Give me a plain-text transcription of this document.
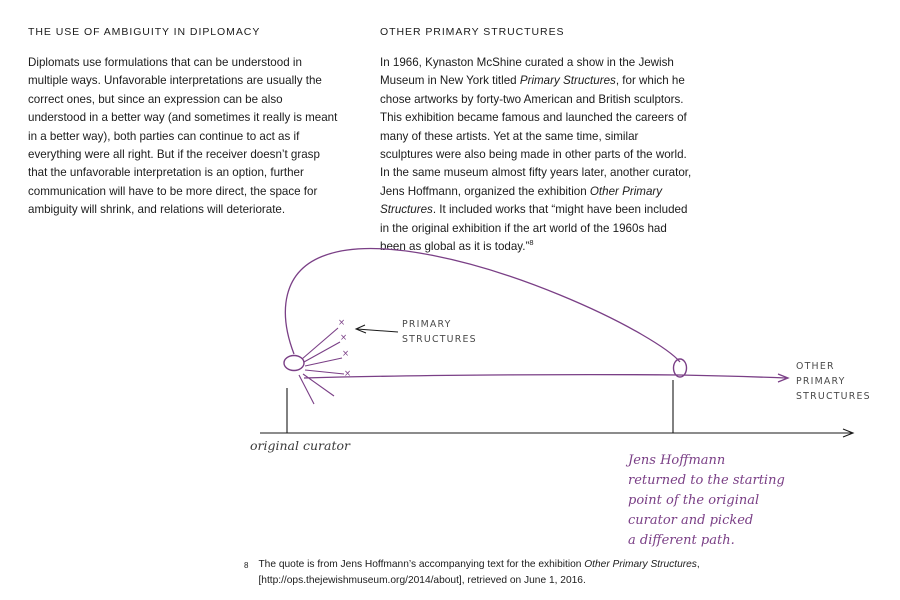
THE USE OF AMBIGUITY IN DIPLOMACY

Diplomats use formulations that can be understood in multiple ways. Unfavorable interpretations are usually the correct ones, but since an expression can be also understood in a better way (and sometimes it really is meant in a better way), both parties can continue to act as if everything were all right. But if the receiver doesn’t grasp that the unfavorable interpretation is an option, further communication will have to be more direct, the space for ambiguity will shrink, and relations will deteriorate.

OTHER PRIMARY STRUCTURES

In 1966, Kynaston McShine curated a show in the Jewish Museum in New York titled Primary Structures, for which he chose artworks by forty-two American and British sculptors. This exhibition became famous and launched the careers of many of these artists. Yet at the same time, similar sculptures were also being made in other parts of the world. In the same museum almost fifty years later, another curator, Jens Hoffmann, organized the exhibition Other Primary Structures. It included works that “might have been included in the original exhibition if the art world of the 1960s had been as global as it is today.”$^8$

×
×
×
×
PRIMARY
STRUCTURES
OTHER
PRIMARY
STRUCTURES
original curator
Jens Hoffmann
returned to the starting
point of the original
curator and picked
a different path.
8 The quote is from Jens Hoffmann’s accompanying text for the exhibition Other Primary Structures, [http://ops.thejewishmuseum.org/2014/about], retrieved on June 1, 2016.
